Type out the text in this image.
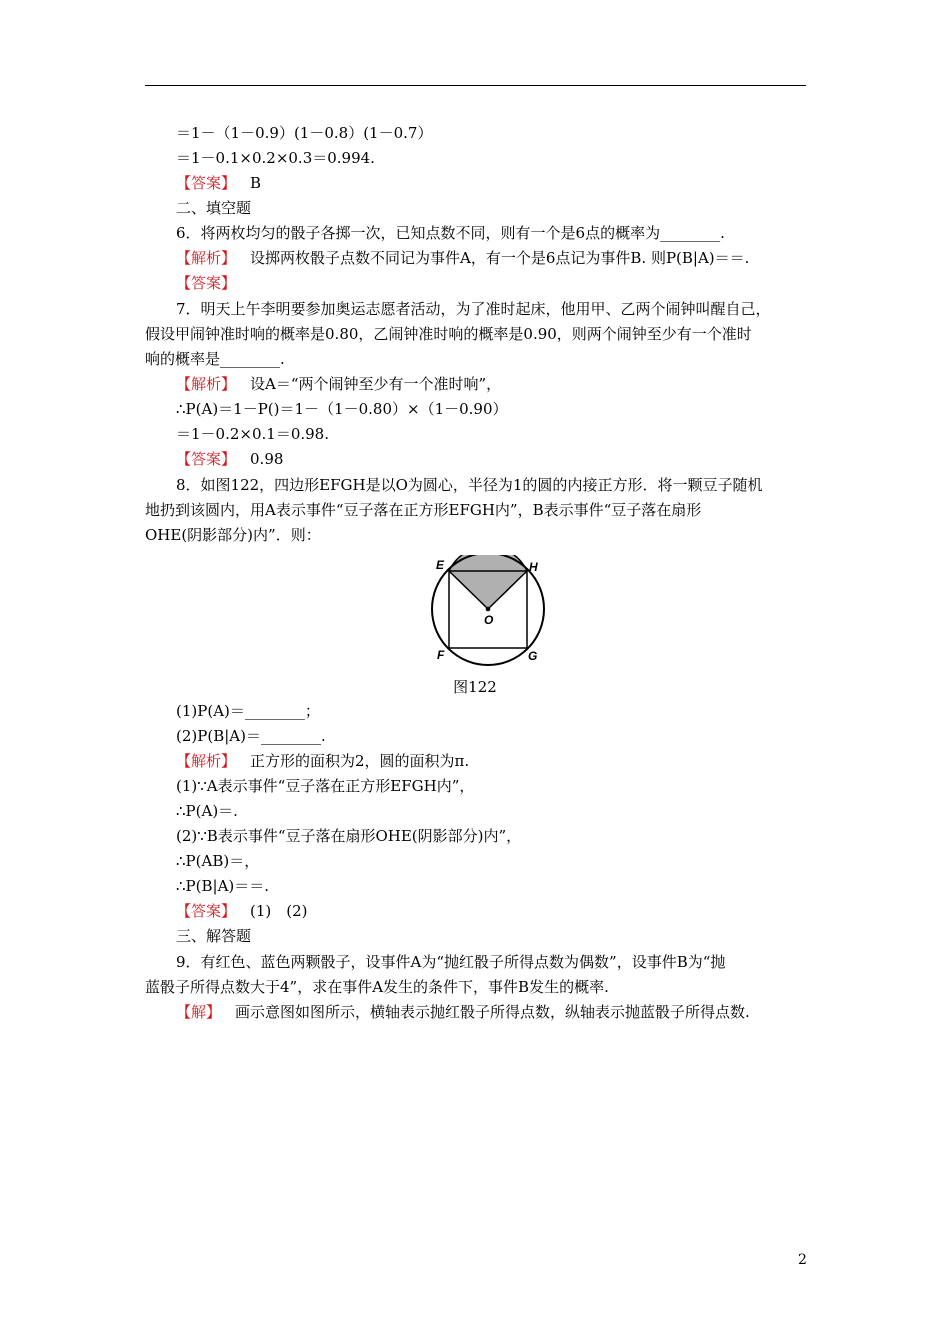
＝1－（1－0.9）(1－0.8）(1－0.7）
＝1－0.1×0.2×0.3＝0.994.
【答案】 B
二、填空题
6．将两枚均匀的骰子各掷一次，已知点数不同，则有一个是6点的概率为________.
【解析】 设掷两枚骰子点数不同记为事件A，有一个是6点记为事件B. 则P(B|A)＝＝.
【答案】
7．明天上午李明要参加奥运志愿者活动，为了准时起床，他用甲、乙两个闹钟叫醒自己，
假设甲闹钟准时响的概率是0.80，乙闹钟准时响的概率是0.90，则两个闹钟至少有一个准时
响的概率是________.
【解析】 设A＝“两个闹钟至少有一个准时响”，
∴P(A)＝1－P()＝1－（1－0.80）×（1－0.90）
＝1－0.2×0.1＝0.98.
【答案】 0.98
8．如图122，四边形EFGH是以O为圆心，半径为1的圆的内接正方形．将一颗豆子随机
地扔到该圆内，用A表示事件“豆子落在正方形EFGH内”，B表示事件“豆子落在扇形
OHE(阴影部分)内”．则：
E	H
O
F	G
图122
(1)P(A)＝________；
(2)P(B|A)＝________.
【解析】 正方形的面积为2，圆的面积为π.
(1)∵A表示事件“豆子落在正方形EFGH内”，
∴P(A)＝.
(2)∵B表示事件“豆子落在扇形OHE(阴影部分)内”，
∴P(AB)＝，
∴P(B|A)＝＝.
【答案】 (1)　(2)
三、解答题
9．有红色、蓝色两颗骰子，设事件A为“抛红骰子所得点数为偶数”，设事件B为“抛
蓝骰子所得点数大于4”，求在事件A发生的条件下，事件B发生的概率.
【解】 画示意图如图所示，横轴表示抛红骰子所得点数，纵轴表示抛蓝骰子所得点数.
2
